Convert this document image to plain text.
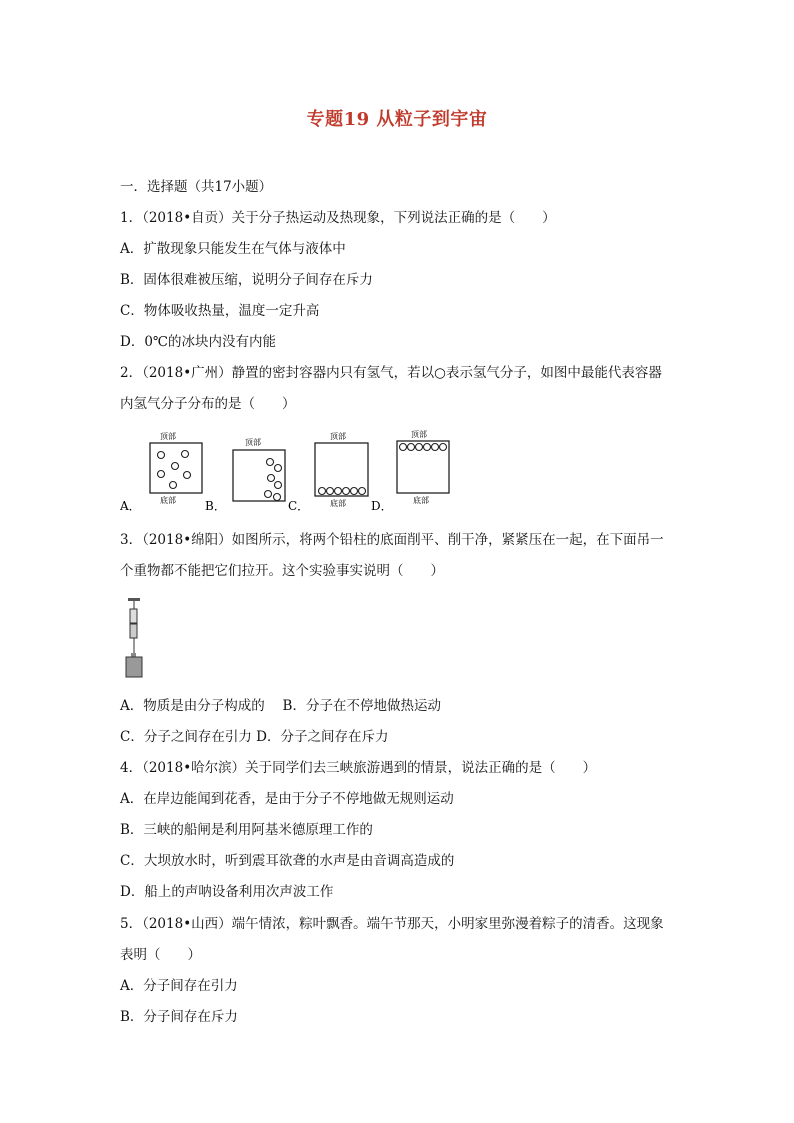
专题19 从粒子到宇宙
一．选择题（共17小题）
1．（2018•自贡）关于分子热运动及热现象，下列说法正确的是（　　）
A．扩散现象只能发生在气体与液体中
B．固体很难被压缩，说明分子间存在斥力
C．物体吸收热量，温度一定升高
D．0℃的冰块内没有内能
2．（2018•广州）静置的密封容器内只有氢气，若以○表示氢气分子，如图中最能代表容器
内氢气分子分布的是（　　）
顶部
底部
A．
顶部
B．
顶部
底部
C．
顶部
底部
D．
3．（2018•绵阳）如图所示，将两个铅柱的底面削平、削干净，紧紧压在一起，在下面吊一
个重物都不能把它们拉开。这个实验事实说明（　　）
A．物质是由分子构成的　 B．分子在不停地做热运动
C．分子之间存在引力 D．分子之间存在斥力
4．（2018•哈尔滨）关于同学们去三峡旅游遇到的情景，说法正确的是（　　）
A．在岸边能闻到花香，是由于分子不停地做无规则运动
B．三峡的船闸是利用阿基米德原理工作的
C．大坝放水时，听到震耳欲聋的水声是由音调高造成的
D．船上的声呐设备利用次声波工作
5．（2018•山西）端午情浓，粽叶飘香。端午节那天，小明家里弥漫着粽子的清香。这现象
表明（　　）
A．分子间存在引力
B．分子间存在斥力
